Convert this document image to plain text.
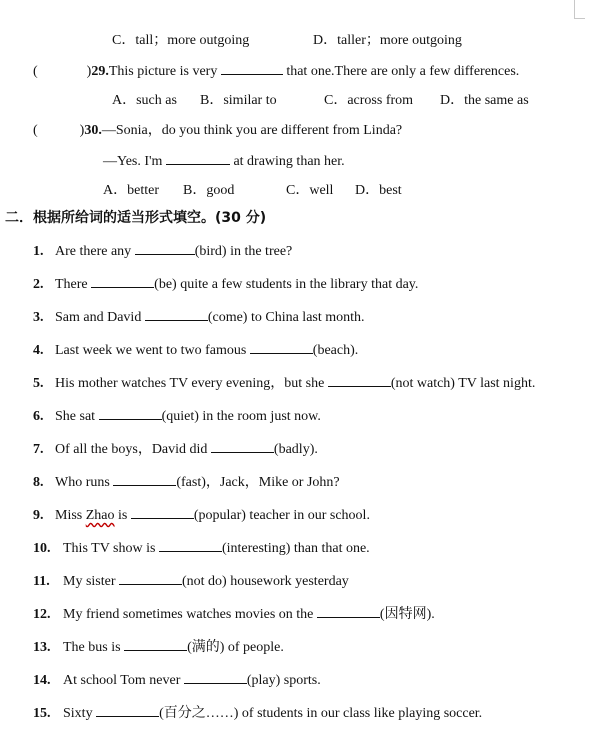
C．tall；more outgoing	D．taller；more outgoing
(	)29.This picture is very	that one.There are only a few differences.
A．such as B．similar to	C．across from D．the same as
(	)30.—Sonia，do you think you are different from Linda?
—Yes. I'm	at drawing than her.
A．better B．good	C．well D．best
二．根据所给词的适当形式填空。(30 分)
1. Are there any	(bird) in the tree?
2. There	(be) quite a few students in the library that day.
3. Sam and David	(come) to China last month.
4. Last week we went to two famous	(beach).
5. His mother watches TV every evening，but she	(not watch) TV last night.
6. She sat	(quiet) in the room just now.
7. Of all the boys，David did	(badly).
8. Who runs	(fast)，Jack，Mike or John?
9. Miss Zhao is	(popular) teacher in our school.
10. This TV show is	(interesting) than that one.
11. My sister	(not do) housework yesterday
12. My friend sometimes watches movies on the	(因特网).
13. The bus is	(满的) of people.
14. At school Tom never	(play) sports.
15. Sixty	(百分之……) of students in our class like playing soccer.
